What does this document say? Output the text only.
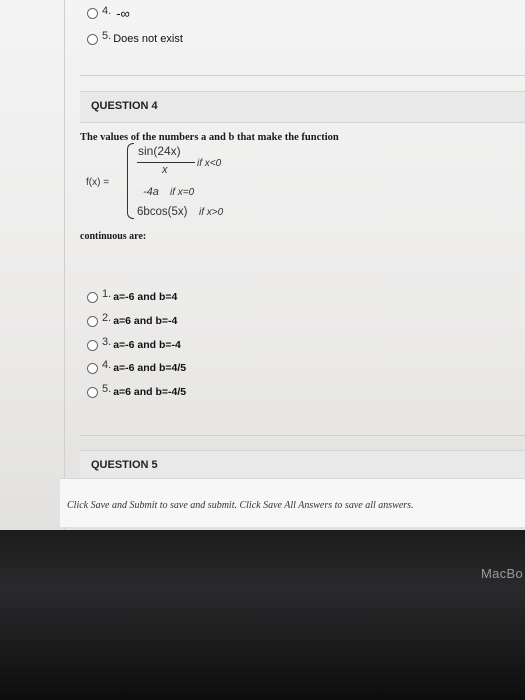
4. -∞
5. Does not exist
QUESTION 4
The values of the numbers a and b that make the function
f(x) =
sin(24x)
x
if x<0
-4a if x=0
6bcos(5x) if x>0
continuous are:
1. a=-6 and b=4
2. a=6 and b=-4
3. a=-6 and b=-4
4. a=-6 and b=4/5
5. a=6 and b=-4/5
QUESTION 5
Click Save and Submit to save and submit. Click Save All Answers to save all answers.
MacBo
